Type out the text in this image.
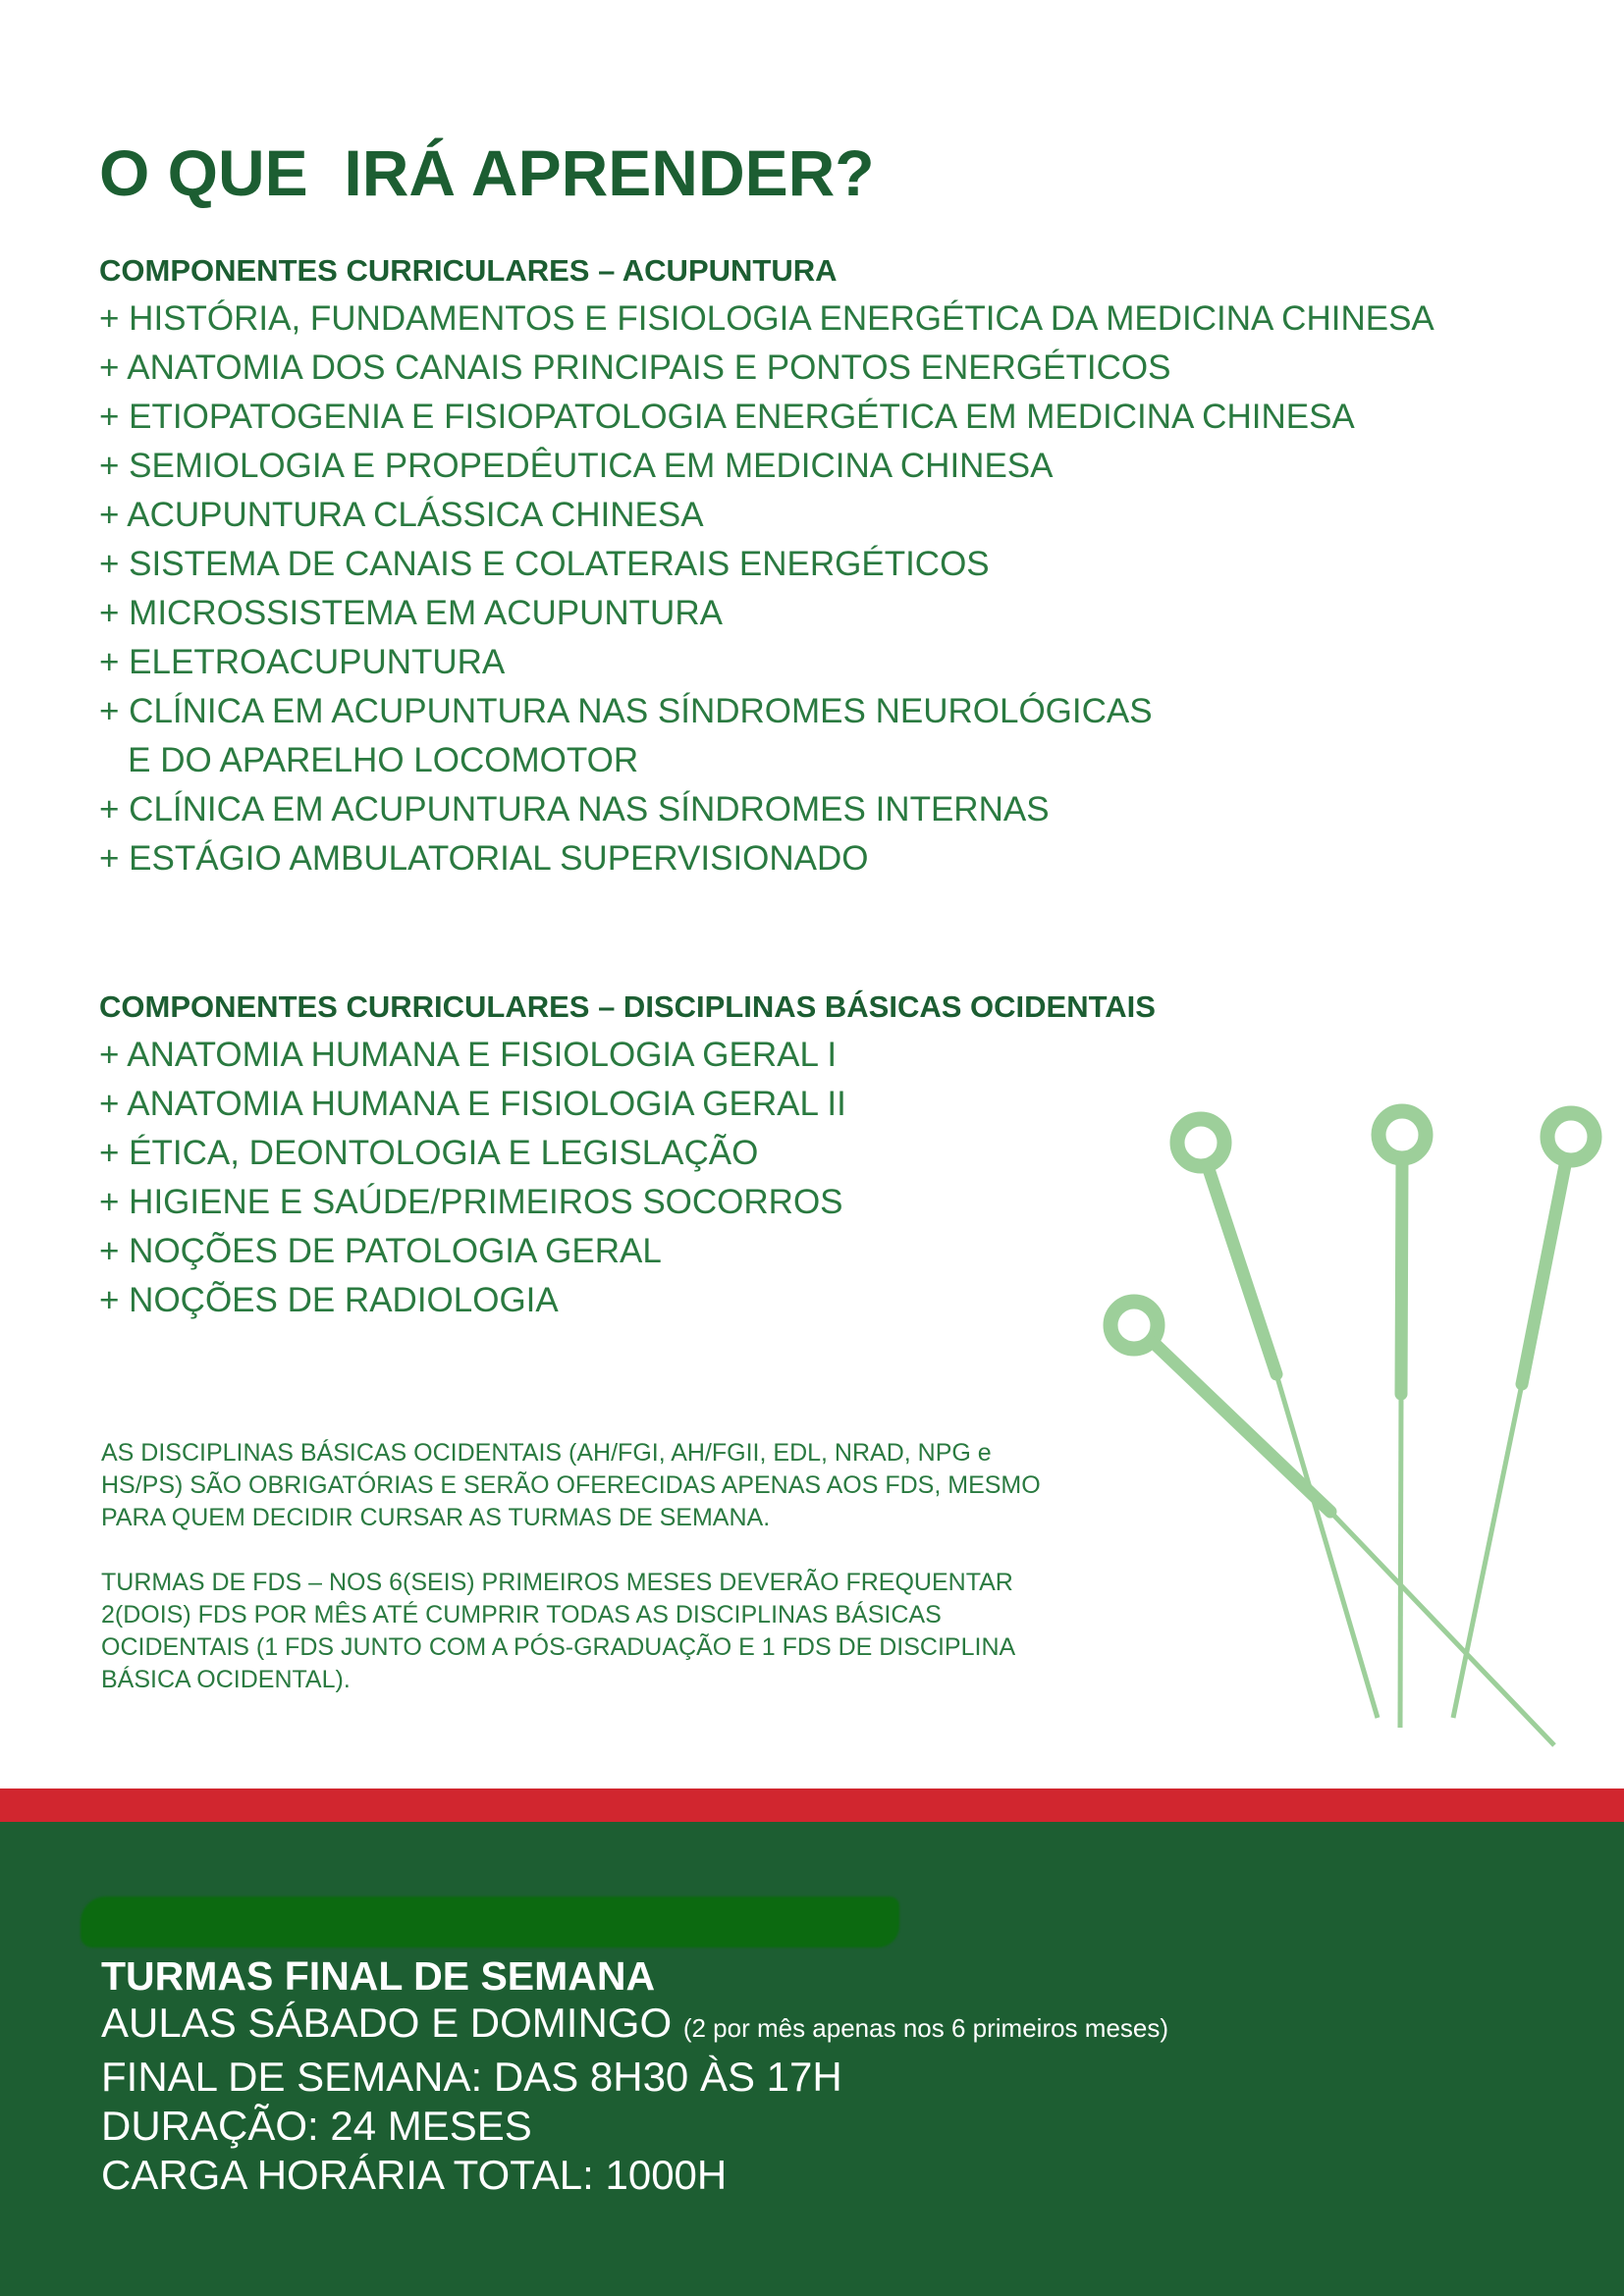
O QUE  IRÁ APRENDER?
COMPONENTES CURRICULARES – ACUPUNTURA
+ HISTÓRIA, FUNDAMENTOS E FISIOLOGIA ENERGÉTICA DA MEDICINA CHINESA
+ ANATOMIA DOS CANAIS PRINCIPAIS E PONTOS ENERGÉTICOS
+ ETIOPATOGENIA E FISIOPATOLOGIA ENERGÉTICA EM MEDICINA CHINESA
+ SEMIOLOGIA E PROPEDÊUTICA EM MEDICINA CHINESA
+ ACUPUNTURA CLÁSSICA CHINESA
+ SISTEMA DE CANAIS E COLATERAIS ENERGÉTICOS
+ MICROSSISTEMA EM ACUPUNTURA
+ ELETROACUPUNTURA
+ CLÍNICA EM ACUPUNTURA NAS SÍNDROMES NEUROLÓGICAS
E DO APARELHO LOCOMOTOR
+ CLÍNICA EM ACUPUNTURA NAS SÍNDROMES INTERNAS
+ ESTÁGIO AMBULATORIAL SUPERVISIONADO
COMPONENTES CURRICULARES – DISCIPLINAS BÁSICAS OCIDENTAIS
+ ANATOMIA HUMANA E FISIOLOGIA GERAL I
+ ANATOMIA HUMANA E FISIOLOGIA GERAL II
+ ÉTICA, DEONTOLOGIA E LEGISLAÇÃO
+ HIGIENE E SAÚDE/PRIMEIROS SOCORROS
+ NOÇÕES DE PATOLOGIA GERAL
+ NOÇÕES DE RADIOLOGIA
AS DISCIPLINAS BÁSICAS OCIDENTAIS (AH/FGI, AH/FGII, EDL, NRAD, NPG e
HS/PS) SÃO OBRIGATÓRIAS E SERÃO OFERECIDAS APENAS AOS FDS, MESMO
PARA QUEM DECIDIR CURSAR AS TURMAS DE SEMANA.
TURMAS DE FDS – NOS 6(SEIS) PRIMEIROS MESES DEVERÃO FREQUENTAR
2(DOIS) FDS POR MÊS ATÉ CUMPRIR TODAS AS DISCIPLINAS BÁSICAS
OCIDENTAIS (1 FDS JUNTO COM A PÓS-GRADUAÇÃO E 1 FDS DE DISCIPLINA
BÁSICA OCIDENTAL).
TURMAS FINAL DE SEMANA
AULAS SÁBADO E DOMINGO (2 por mês apenas nos 6 primeiros meses)
FINAL DE SEMANA: DAS 8H30 ÀS 17H
DURAÇÃO: 24 MESES
CARGA HORÁRIA TOTAL: 1000H
